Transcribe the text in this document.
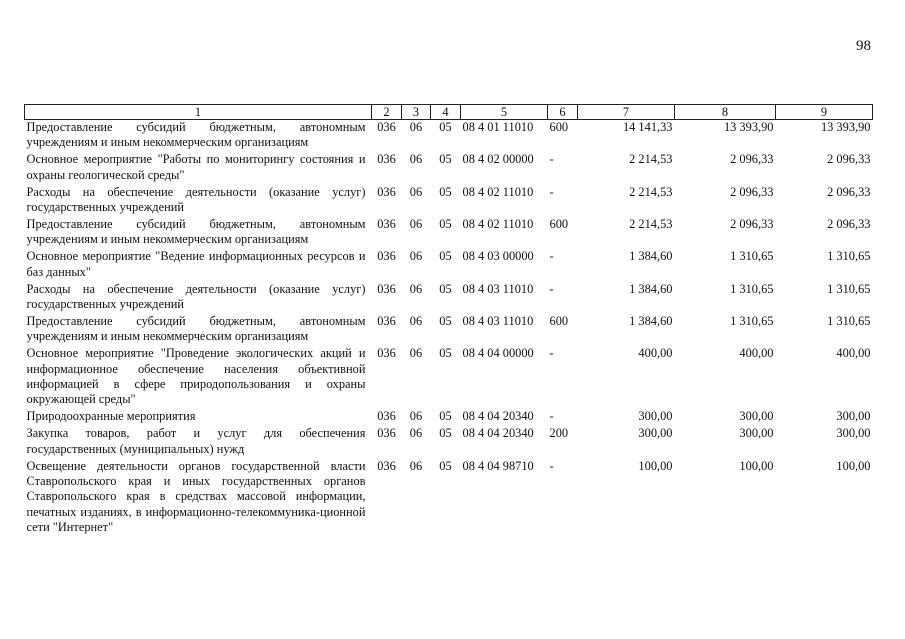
98
1	2	3	4	5	6	7	8	9
Предоставление субсидий бюджетным, автономным учреждениям и иным некоммерческим организациям	036	06	05	08 4 01 11010	600	14 141,33	13 393,90	13 393,90
Основное мероприятие "Работы по мониторингу состояния и охраны геологической среды"	036	06	05	08 4 02 00000	-	2 214,53	2 096,33	2 096,33
Расходы на обеспечение деятельности (оказание услуг) государственных учреждений	036	06	05	08 4 02 11010	-	2 214,53	2 096,33	2 096,33
Предоставление субсидий бюджетным, автономным учреждениям и иным некоммерческим организациям	036	06	05	08 4 02 11010	600	2 214,53	2 096,33	2 096,33
Основное мероприятие "Ведение информационных ресурсов и баз данных"	036	06	05	08 4 03 00000	-	1 384,60	1 310,65	1 310,65
Расходы на обеспечение деятельности (оказание услуг) государственных учреждений	036	06	05	08 4 03 11010	-	1 384,60	1 310,65	1 310,65
Предоставление субсидий бюджетным, автономным учреждениям и иным некоммерческим организациям	036	06	05	08 4 03 11010	600	1 384,60	1 310,65	1 310,65
Основное мероприятие "Проведение экологических акций и информационное обеспечение населения объективной информацией в сфере природопользования и охраны окружающей среды"	036	06	05	08 4 04 00000	-	400,00	400,00	400,00
Природоохранные мероприятия	036	06	05	08 4 04 20340	-	300,00	300,00	300,00
Закупка товаров, работ и услуг для обеспечения государственных (муниципальных) нужд	036	06	05	08 4 04 20340	200	300,00	300,00	300,00
Освещение деятельности органов государственной власти Ставропольского края и иных государственных органов Ставропольского края в средствах массовой информации, печатных изданиях, в информационно-телекоммуника-ционной сети "Интернет"	036	06	05	08 4 04 98710	-	100,00	100,00	100,00
